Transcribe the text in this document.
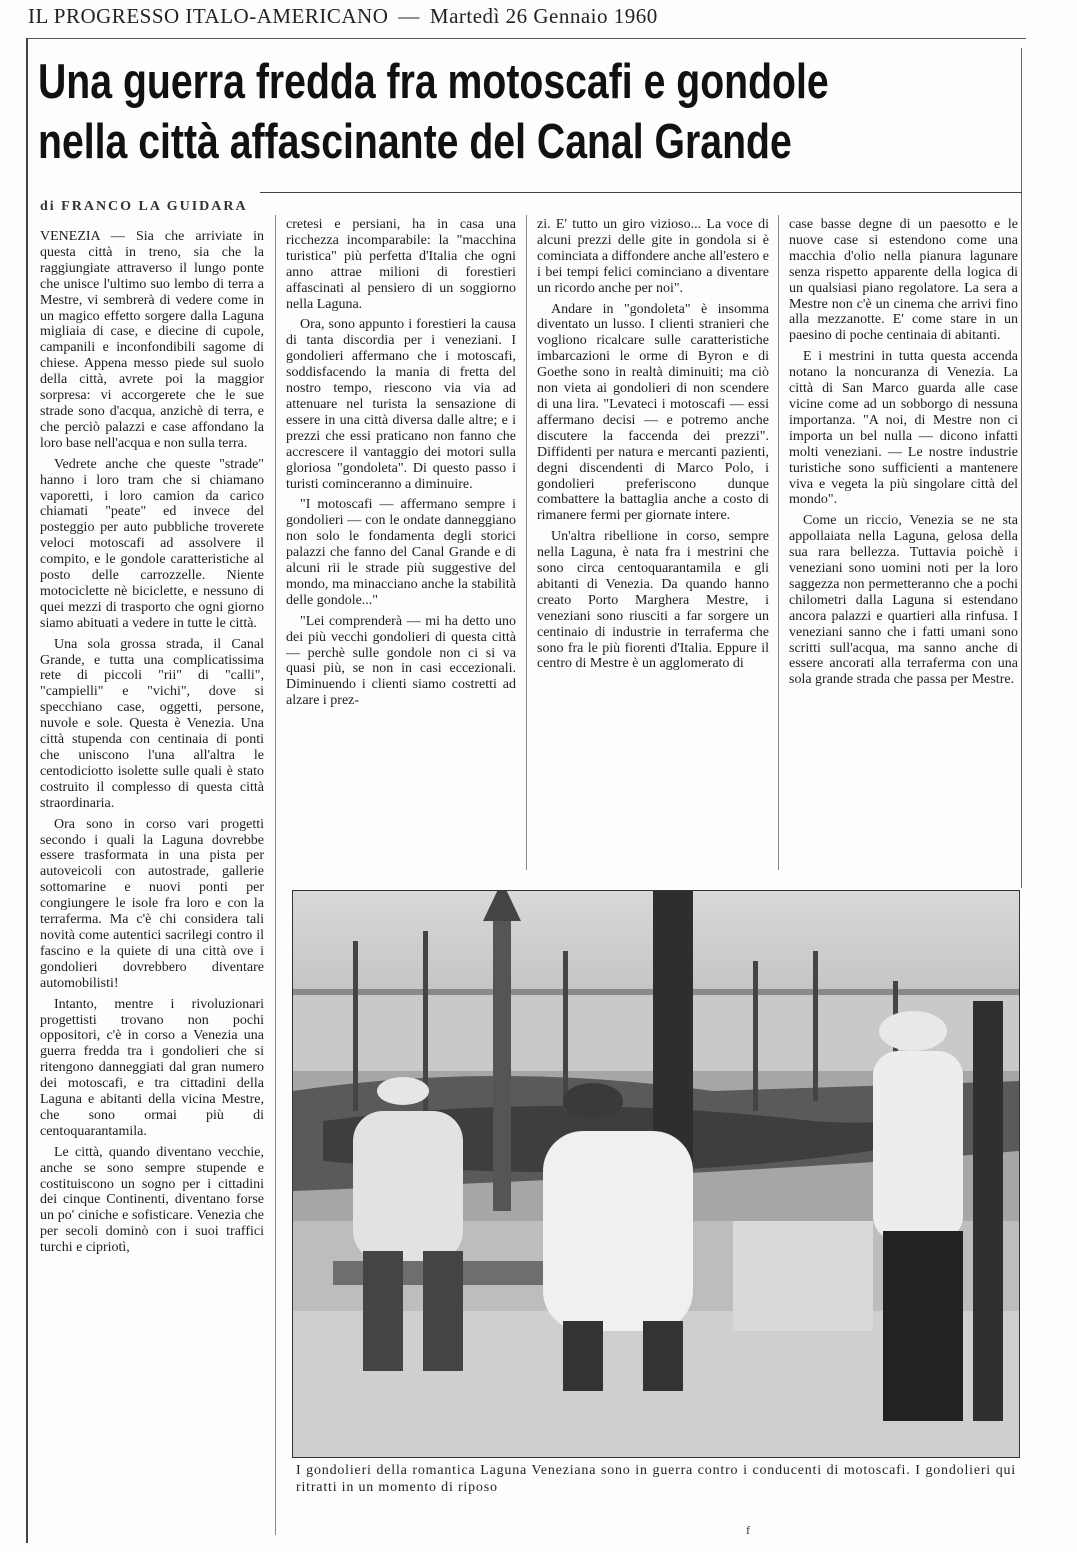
IL PROGRESSO ITALO-AMERICANO — Martedì 26 Gennaio 1960
Una guerra fredda fra motoscafi e gondole
nella città affascinante del Canal Grande
di FRANCO LA GUIDARA

VENEZIA — Sia che arriviate in questa città in treno, sia che la raggiungiate attraverso il lungo ponte che unisce l'ultimo suo lembo di terra a Mestre, vi sembrerà di vedere come in un magico effetto sorgere dalla Laguna migliaia di case, e diecine di cupole, campanili e inconfondibili sagome di chiese. Appena messo piede sul suolo della città, avrete poi la maggior sorpresa: vi accorgerete che le sue strade sono d'acqua, anzichè di terra, e che perciò palazzi e case affondano la loro base nell'acqua e non sulla terra.

Vedrete anche che queste "strade" hanno i loro tram che si chiamano vaporetti, i loro camion da carico chiamati "peate" ed invece del posteggio per auto pubbliche troverete veloci motoscafi ad assolvere il compito, e le gondole caratteristiche al posto delle carrozzelle. Niente motociclette nè biciclette, e nessuno di quei mezzi di trasporto che ogni giorno siamo abituati a vedere in tutte le città.

Una sola grossa strada, il Canal Grande, e tutta una complicatissima rete di piccoli "rii" di "calli", "campielli" e "vichi", dove si specchiano case, oggetti, persone, nuvole e sole. Questa è Venezia. Una città stupenda con centinaia di ponti che uniscono l'una all'altra le centodiciotto isolette sulle quali è stato costruito il complesso di questa città straordinaria.

Ora sono in corso vari progetti secondo i quali la Laguna dovrebbe essere trasformata in una pista per autoveicoli con autostrade, gallerie sottomarine e nuovi ponti per congiungere le isole fra loro e con la terraferma. Ma c'è chi considera tali novità come autentici sacrilegi contro il fascino e la quiete di una città ove i gondolieri dovrebbero diventare automobilisti!

Intanto, mentre i rivoluzionari progettisti trovano non pochi oppositori, c'è in corso a Venezia una guerra fredda tra i gondolieri che si ritengono danneggiati dal gran numero dei motoscafi, e tra cittadini della Laguna e abitanti della vicina Mestre, che sono ormai più di centoquarantamila.

Le città, quando diventano vecchie, anche se sono sempre stupende e costituiscono un sogno per i cittadini dei cinque Continenti, diventano forse un po' ciniche e sofisticare. Venezia che per secoli dominò con i suoi traffici turchi e cipriotì,

cretesi e persiani, ha in casa una ricchezza incomparabile: la "macchina turistica" più perfetta d'Italia che ogni anno attrae milioni di forestieri affascinati al pensiero di un soggiorno nella Laguna.

Ora, sono appunto i forestieri la causa di tanta discordia per i veneziani. I gondolieri affermano che i motoscafi, soddisfacendo la mania di fretta del nostro tempo, riescono via via ad attenuare nel turista la sensazione di essere in una città diversa dalle altre; e i prezzi che essi praticano non fanno che accrescere il vantaggio dei motori sulla gloriosa "gondoleta". Di questo passo i turisti cominceranno a diminuire.

"I motoscafi — affermano sempre i gondolieri — con le ondate danneggiano non solo le fondamenta degli storici palazzi che fanno del Canal Grande e di alcuni rii le strade più suggestive del mondo, ma minacciano anche la stabilità delle gondole..."

"Lei comprenderà — mi ha detto uno dei più vecchi gondolieri di questa città — perchè sulle gondole non ci si va quasi più, se non in casi eccezionali. Diminuendo i clienti siamo costretti ad alzare i prez-

zi. E' tutto un giro vizioso... La voce di alcuni prezzi delle gite in gondola si è cominciata a diffondere anche all'estero e i bei tempi felici cominciano a diventare un ricordo anche per noi".

Andare in "gondoleta" è insomma diventato un lusso. I clienti stranieri che vogliono ricalcare sulle caratteristiche imbarcazioni le orme di Byron e di Goethe sono in realtà diminuiti; ma ciò non vieta ai gondolieri di non scendere di una lira. "Levateci i motoscafi — essi affermano decisi — e potremo anche discutere la faccenda dei prezzi". Diffidenti per natura e mercanti pazienti, degni discendenti di Marco Polo, i gondolieri preferiscono dunque combattere la battaglia anche a costo di rimanere fermi per giornate intere.

Un'altra ribellione in corso, sempre nella Laguna, è nata fra i mestrini che sono circa centoquarantamila e gli abitanti di Venezia. Da quando hanno creato Porto Marghera Mestre, i veneziani sono riusciti a far sorgere un centinaio di industrie in terraferma che sono fra le più fiorenti d'Italia. Eppure il centro di Mestre è un agglomerato di

case basse degne di un paesotto e le nuove case si estendono come una macchia d'olio nella pianura lagunare senza rispetto apparente della logica di un qualsiasi piano regolatore. La sera a Mestre non c'è un cinema che arrivi fino alla mezzanotte. E' come stare in un paesino di poche centinaia di abitanti.

E i mestrini in tutta questa accenda notano la noncuranza di Venezia. La città di San Marco guarda alle case vicine come ad un sobborgo di nessuna importanza. "A noi, di Mestre non ci importa un bel nulla — dicono infatti molti veneziani. — Le nostre industrie turistiche sono sufficienti a mantenere viva e vegeta la più singolare città del mondo".

Come un riccio, Venezia se ne sta appollaiata nella Laguna, gelosa della sua rara bellezza. Tuttavia poichè i veneziani sono uomini noti per la loro saggezza non permetteranno che a pochi chilometri dalla Laguna si estendano ancora palazzi e quartieri alla rinfusa. I veneziani sanno che i fatti umani sono scritti sull'acqua, ma sanno anche di essere ancorati alla terraferma con una sola grande strada che passa per Mestre.

I gondolieri della romantica Laguna Veneziana sono in guerra contro i conducenti di motoscafi. I gondolieri qui ritratti in un momento di riposo
f
